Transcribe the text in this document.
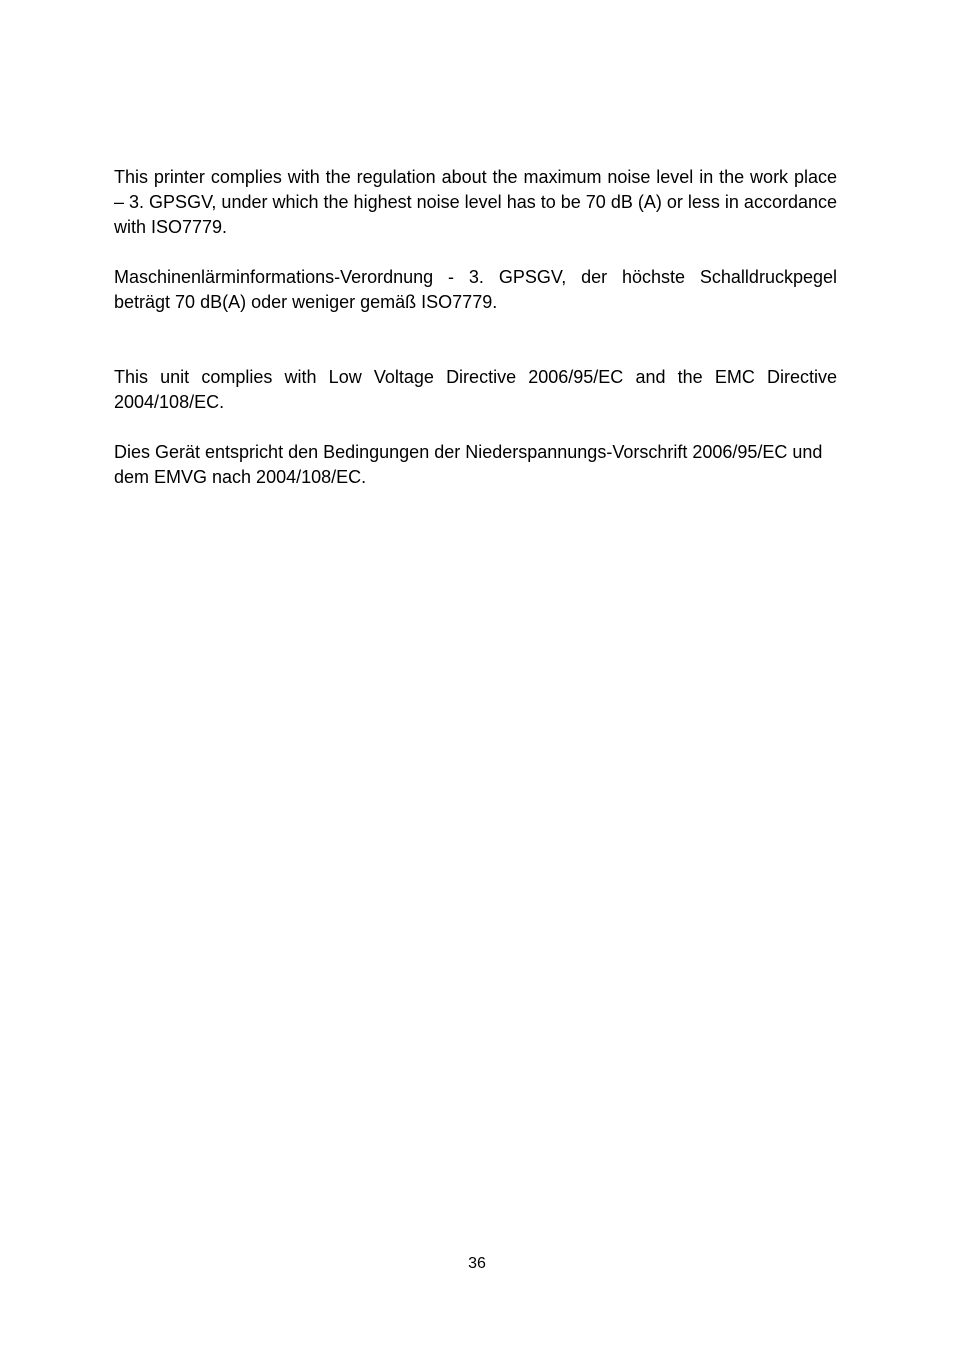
This printer complies with the regulation about the maximum noise level in the work place – 3. GPSGV, under which the highest noise level has to be 70 dB (A) or less in accordance with ISO7779.

Maschinenlärminformations-Verordnung - 3. GPSGV, der höchste Schalldruckpegel beträgt 70 dB(A) oder weniger gemäß ISO7779.

This unit complies with Low Voltage Directive 2006/95/EC and the EMC Directive 2004/108/EC.

Dies Gerät entspricht den Bedingungen der Niederspannungs-Vorschrift 2006/95/EC und dem EMVG nach 2004/108/EC.

36
